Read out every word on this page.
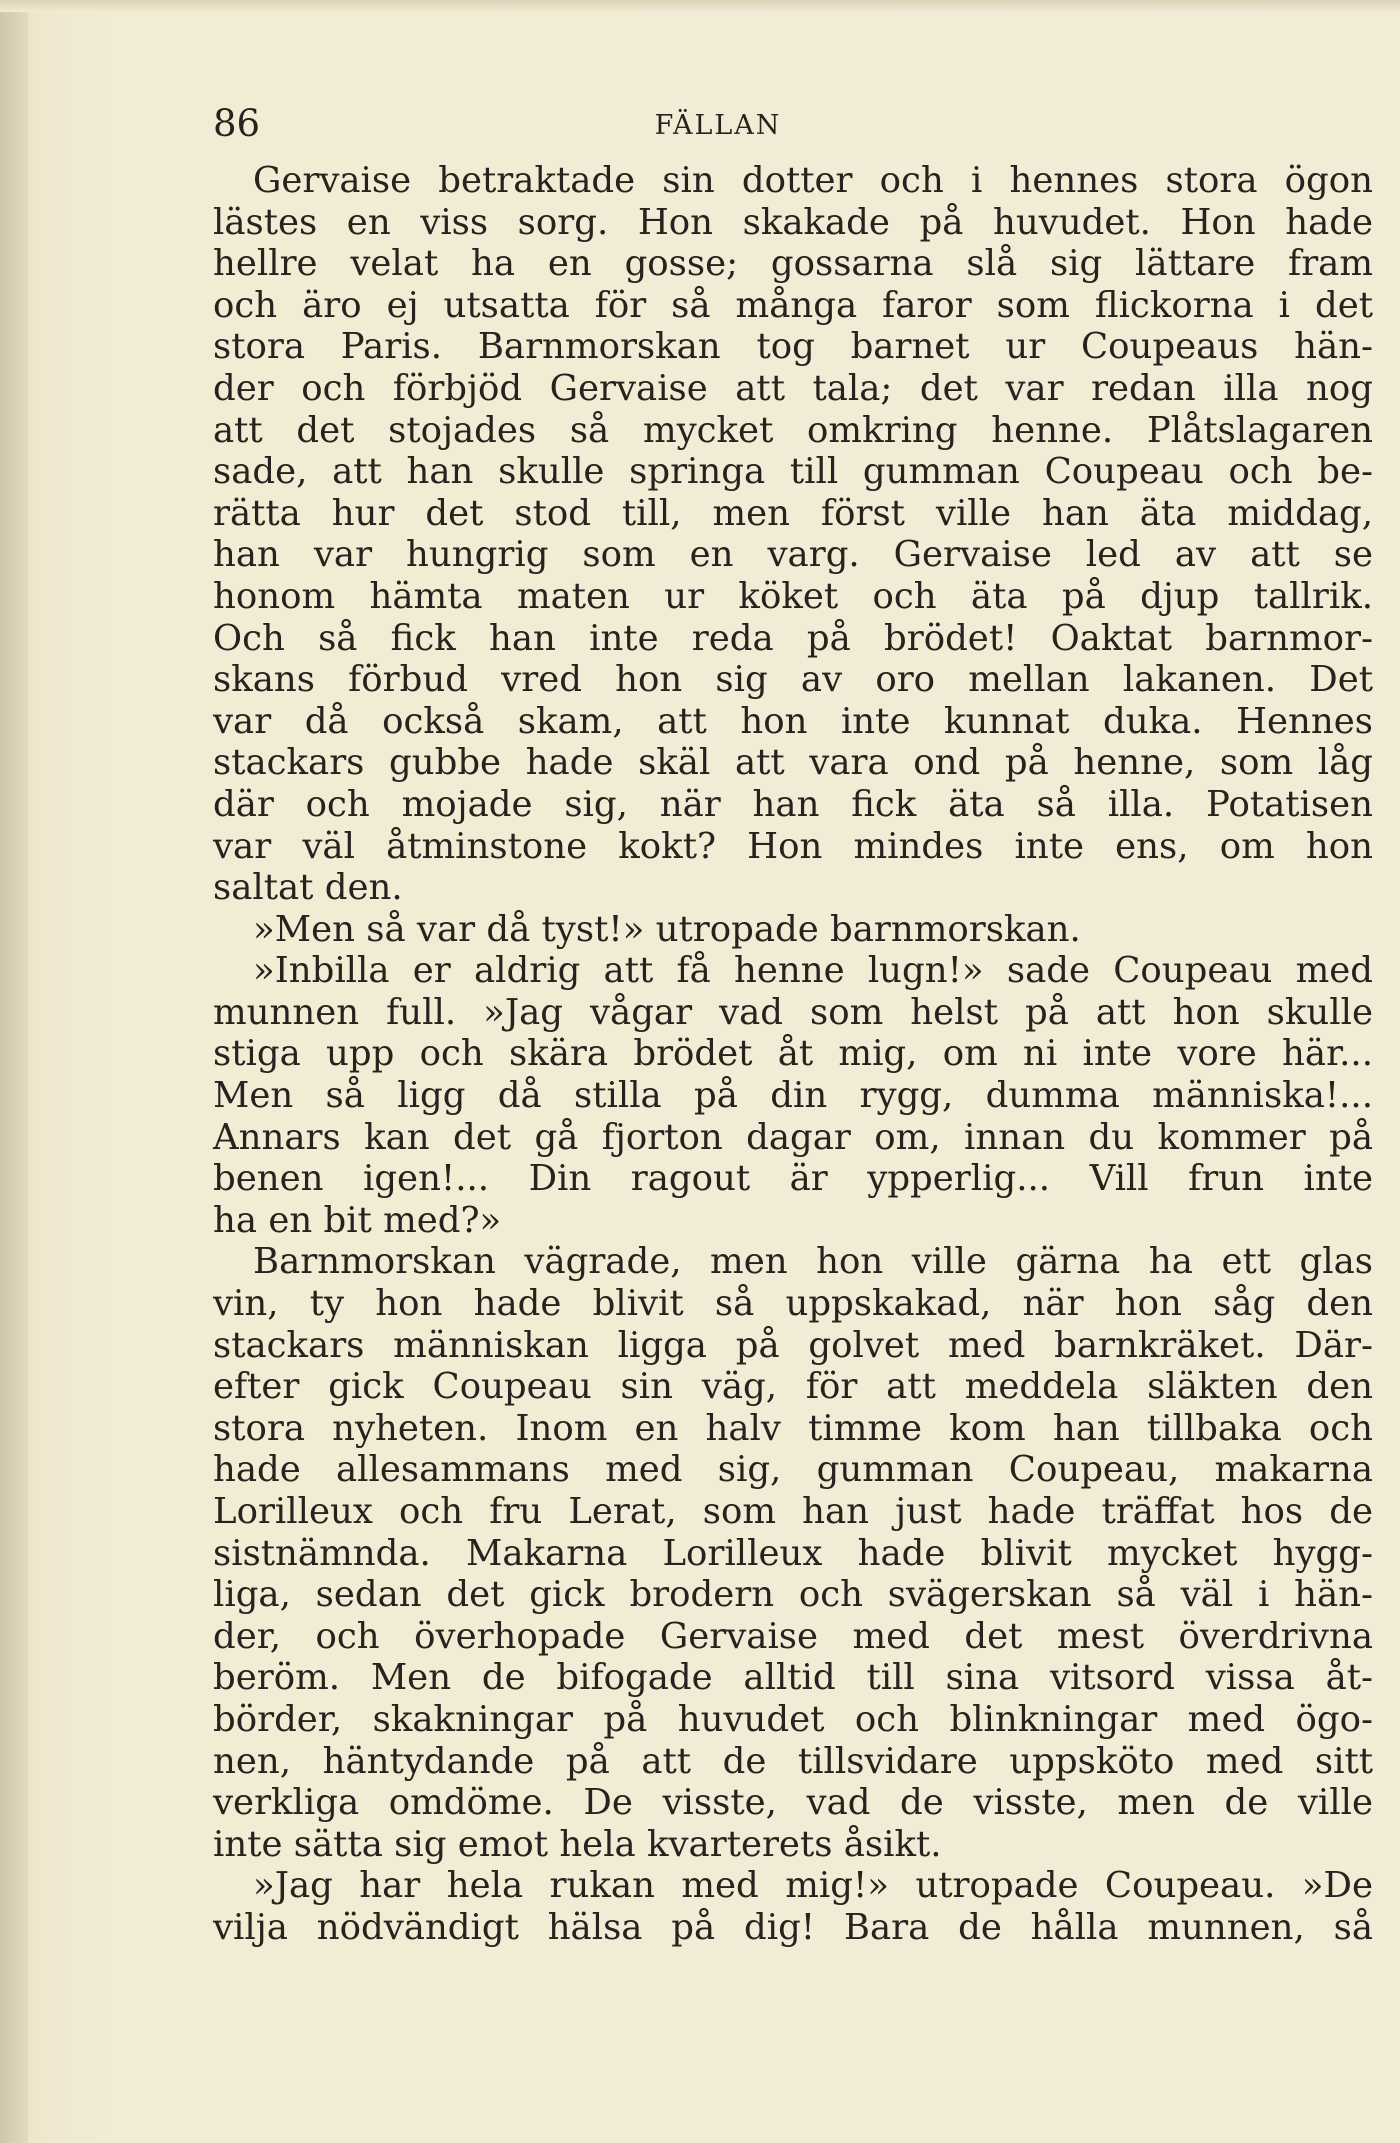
86	FÄLLAN
Gervaise betraktade sin dotter och i hennes stora ögon
lästes en viss sorg. Hon skakade på huvudet. Hon hade
hellre velat ha en gosse; gossarna slå sig lättare fram
och äro ej utsatta för så många faror som flickorna i det
stora Paris. Barnmorskan tog barnet ur Coupeaus hän-
der och förbjöd Gervaise att tala; det var redan illa nog
att det stojades så mycket omkring henne. Plåtslagaren
sade, att han skulle springa till gumman Coupeau och be-
rätta hur det stod till, men först ville han äta middag,
han var hungrig som en varg. Gervaise led av att se
honom hämta maten ur köket och äta på djup tallrik.
Och så fick han inte reda på brödet! Oaktat barnmor-
skans förbud vred hon sig av oro mellan lakanen. Det
var då också skam, att hon inte kunnat duka. Hennes
stackars gubbe hade skäl att vara ond på henne, som låg
där och mojade sig, när han fick äta så illa. Potatisen
var väl åtminstone kokt? Hon mindes inte ens, om hon
saltat den.
»Men så var då tyst!» utropade barnmorskan.
»Inbilla er aldrig att få henne lugn!» sade Coupeau med
munnen full. »Jag vågar vad som helst på att hon skulle
stiga upp och skära brödet åt mig, om ni inte vore här...
Men så ligg då stilla på din rygg, dumma människa!...
Annars kan det gå fjorton dagar om, innan du kommer på
benen igen!... Din ragout är ypperlig... Vill frun inte
ha en bit med?»
Barnmorskan vägrade, men hon ville gärna ha ett glas
vin, ty hon hade blivit så uppskakad, när hon såg den
stackars människan ligga på golvet med barnkräket. Där-
efter gick Coupeau sin väg, för att meddela släkten den
stora nyheten. Inom en halv timme kom han tillbaka och
hade allesammans med sig, gumman Coupeau, makarna
Lorilleux och fru Lerat, som han just hade träffat hos de
sistnämnda. Makarna Lorilleux hade blivit mycket hygg-
liga, sedan det gick brodern och svägerskan så väl i hän-
der, och överhopade Gervaise med det mest överdrivna
beröm. Men de bifogade alltid till sina vitsord vissa åt-
börder, skakningar på huvudet och blinkningar med ögo-
nen, häntydande på att de tillsvidare uppsköto med sitt
verkliga omdöme. De visste, vad de visste, men de ville
inte sätta sig emot hela kvarterets åsikt.
»Jag har hela rukan med mig!» utropade Coupeau. »De
vilja nödvändigt hälsa på dig! Bara de hålla munnen, så
